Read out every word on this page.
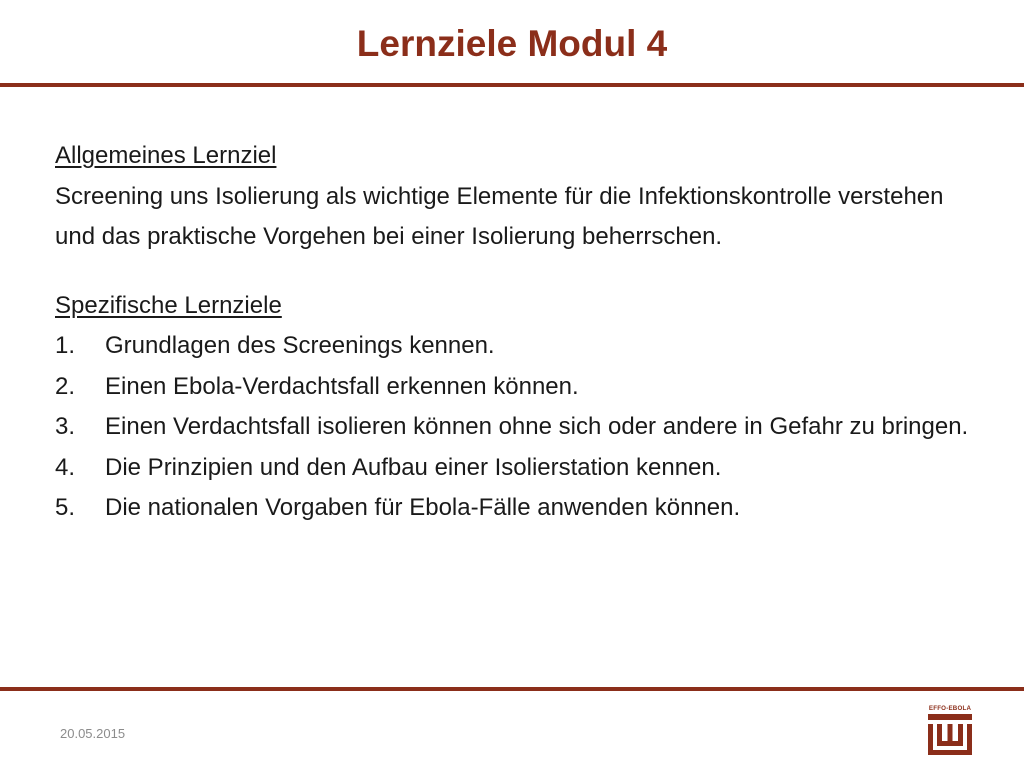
Lernziele Modul 4

Allgemeines Lernziel

Screening uns Isolierung als wichtige Elemente für die Infektionskontrolle verstehen und das praktische Vorgehen bei einer Isolierung beherrschen.

Spezifische Lernziele

1. Grundlagen des Screenings kennen.
2. Einen Ebola-Verdachtsfall erkennen können.
3. Einen Verdachtsfall isolieren können ohne sich oder andere in Gefahr zu bringen.
4. Die Prinzipien und den Aufbau einer Isolierstation kennen.
5. Die nationalen Vorgaben für Ebola-Fälle anwenden können.
20.05.2015
EFFO-EBOLA
